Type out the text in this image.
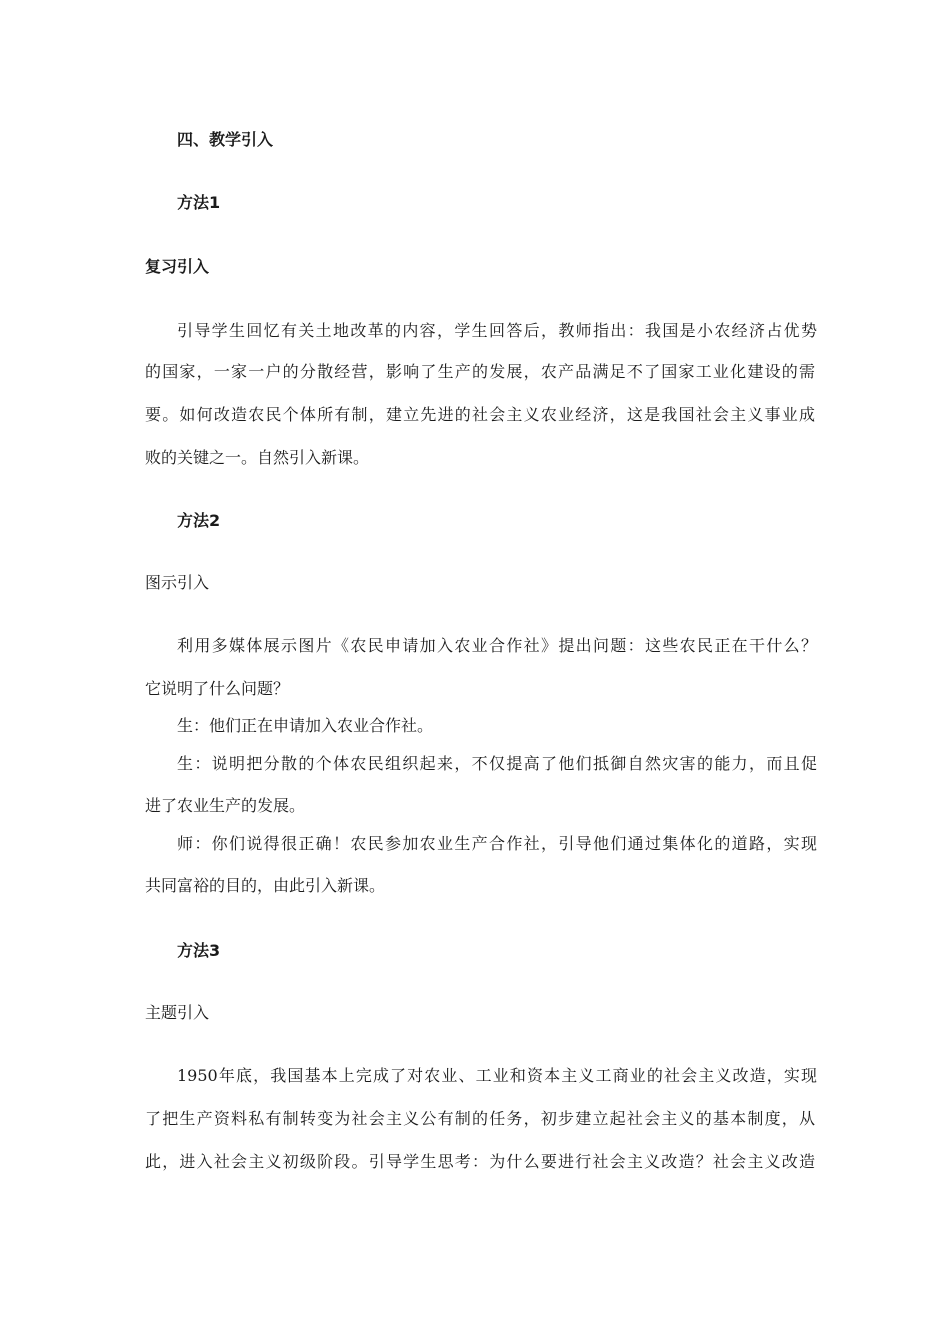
四、教学引入
方法1
复习引入
引导学生回忆有关土地改革的内容，学生回答后，教师指出：我国是小农经济占优势
的国家，一家一户的分散经营，影响了生产的发展，农产品满足不了国家工业化建设的需
要。如何改造农民个体所有制，建立先进的社会主义农业经济，这是我国社会主义事业成
败的关键之一。自然引入新课。
方法2
图示引入
利用多媒体展示图片《农民申请加入农业合作社》提出问题：这些农民正在干什么？
它说明了什么问题？
生：他们正在申请加入农业合作社。
生：说明把分散的个体农民组织起来，不仅提高了他们抵御自然灾害的能力，而且促
进了农业生产的发展。
师：你们说得很正确！农民参加农业生产合作社，引导他们通过集体化的道路，实现
共同富裕的目的，由此引入新课。
方法3
主题引入
1950年底，我国基本上完成了对农业、工业和资本主义工商业的社会主义改造，实现
了把生产资料私有制转变为社会主义公有制的任务，初步建立起社会主义的基本制度，从
此，进入社会主义初级阶段。引导学生思考：为什么要进行社会主义改造？社会主义改造
